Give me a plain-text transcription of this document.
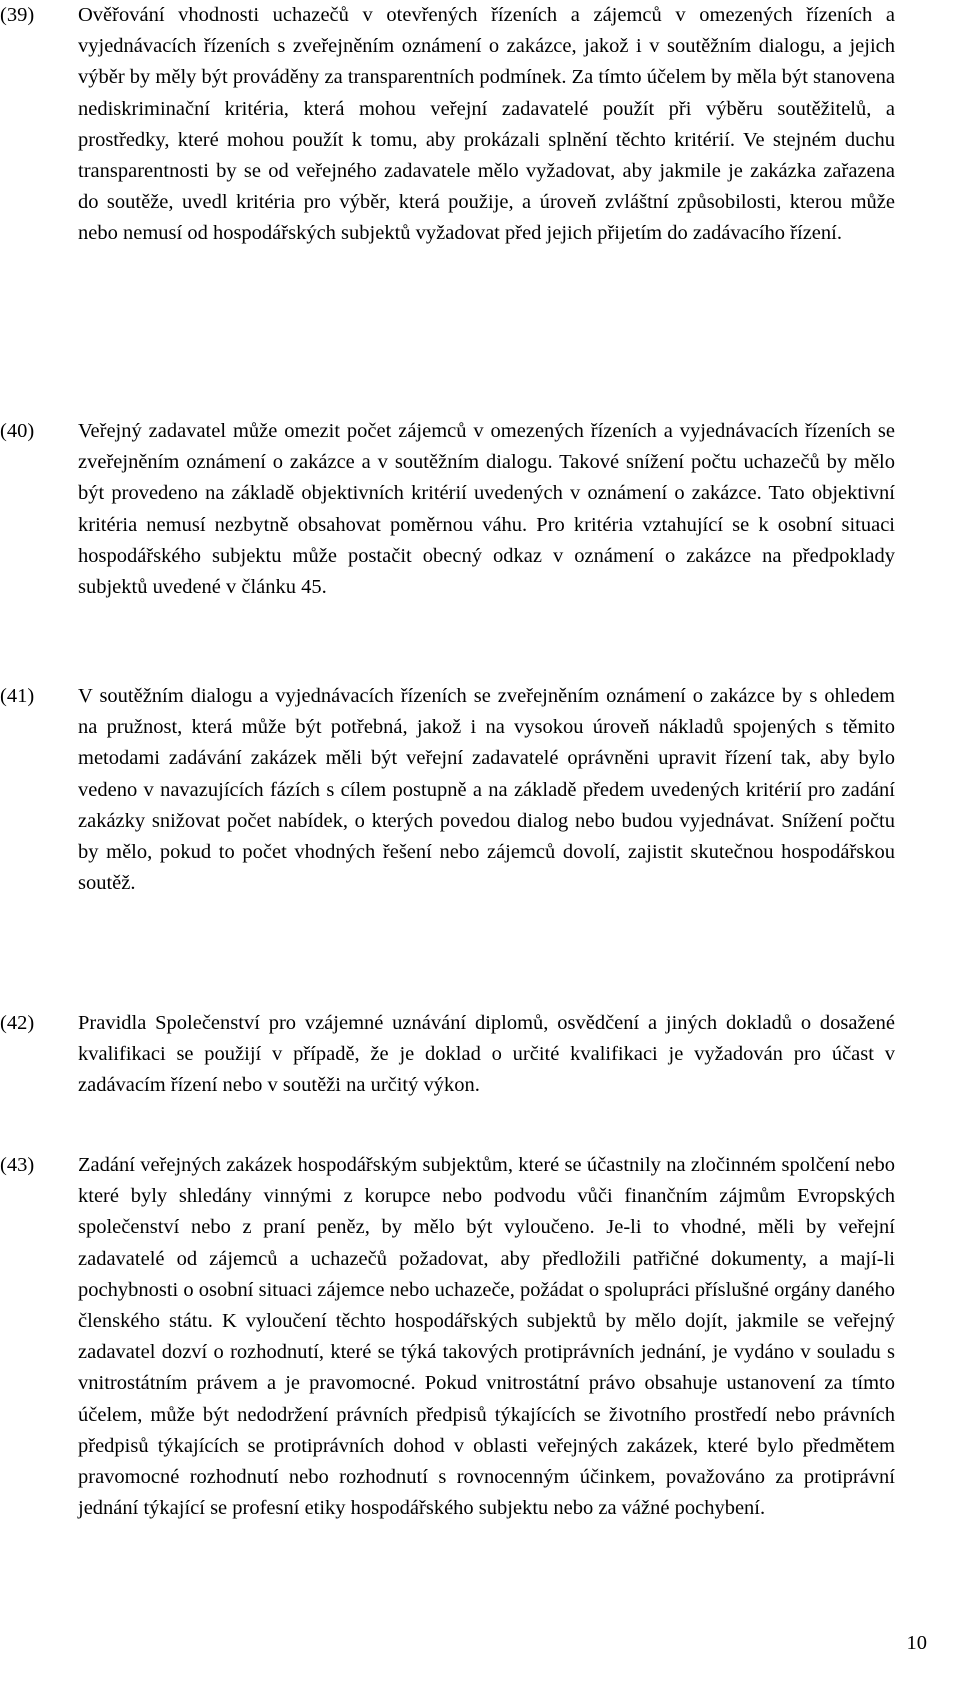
(39) Ověřování vhodnosti uchazečů v otevřených řízeních a zájemců v omezených řízeních a vyjednávacích řízeních s zveřejněním oznámení o zakázce, jakož i v soutěžním dialogu, a jejich výběr by měly být prováděny za transparentních podmínek. Za tímto účelem by měla být stanovena nediskriminační kritéria, která mohou veřejní zadavatelé použít při výběru soutěžitelů, a prostředky, které mohou použít k tomu, aby prokázali splnění těchto kritérií. Ve stejném duchu transparentnosti by se od veřejného zadavatele mělo vyžadovat, aby jakmile je zakázka zařazena do soutěže, uvedl kritéria pro výběr, která použije, a úroveň zvláštní způsobilosti, kterou může nebo nemusí od hospodářských subjektů vyžadovat před jejich přijetím do zadávacího řízení.
(40) Veřejný zadavatel může omezit počet zájemců v omezených řízeních a vyjednávacích řízeních se zveřejněním oznámení o zakázce a v soutěžním dialogu. Takové snížení počtu uchazečů by mělo být provedeno na základě objektivních kritérií uvedených v oznámení o zakázce. Tato objektivní kritéria nemusí nezbytně obsahovat poměrnou váhu. Pro kritéria vztahující se k osobní situaci hospodářského subjektu může postačit obecný odkaz v oznámení o zakázce na předpoklady subjektů uvedené v článku 45.
(41) V soutěžním dialogu a vyjednávacích řízeních se zveřejněním oznámení o zakázce by s ohledem na pružnost, která může být potřebná, jakož i na vysokou úroveň nákladů spojených s těmito metodami zadávání zakázek měli být veřejní zadavatelé oprávněni upravit řízení tak, aby bylo vedeno v navazujících fázích s cílem postupně a na základě předem uvedených kritérií pro zadání zakázky snižovat počet nabídek, o kterých povedou dialog nebo budou vyjednávat. Snížení počtu by mělo, pokud to počet vhodných řešení nebo zájemců dovolí, zajistit skutečnou hospodářskou soutěž.
(42) Pravidla Společenství pro vzájemné uznávání diplomů, osvědčení a jiných dokladů o dosažené kvalifikaci se použijí v případě, že je doklad o určité kvalifikaci je vyžadován pro účast v zadávacím řízení nebo v soutěži na určitý výkon.
(43) Zadání veřejných zakázek hospodářským subjektům, které se účastnily na zločinném spolčení nebo které byly shledány vinnými z korupce nebo podvodu vůči finančním zájmům Evropských společenství nebo z praní peněz, by mělo být vyloučeno. Je-li to vhodné, měli by veřejní zadavatelé od zájemců a uchazečů požadovat, aby předložili patřičné dokumenty, a mají-li pochybnosti o osobní situaci zájemce nebo uchazeče, požádat o spolupráci příslušné orgány daného členského státu. K vyloučení těchto hospodářských subjektů by mělo dojít, jakmile se veřejný zadavatel dozví o rozhodnutí, které se týká takových protiprávních jednání, je vydáno v souladu s vnitrostátním právem a je pravomocné. Pokud vnitrostátní právo obsahuje ustanovení za tímto účelem, může být nedodržení právních předpisů týkajících se životního prostředí nebo právních předpisů týkajících se protiprávních dohod v oblasti veřejných zakázek, které bylo předmětem pravomocné rozhodnutí nebo rozhodnutí s rovnocenným účinkem, považováno za protiprávní jednání týkající se profesní etiky hospodářského subjektu nebo za vážné pochybení.
10
